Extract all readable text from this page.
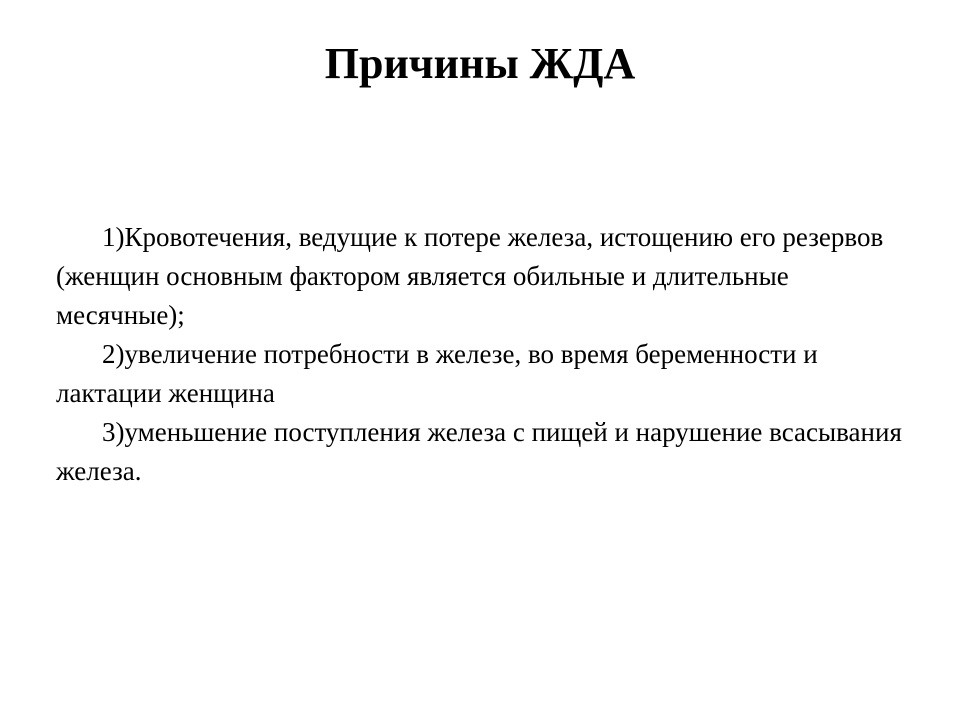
Причины ЖДА

1)Кровотечения, ведущие к потере железа, истощению его резервов (женщин основным фактором является обильные и длительные месячные);

2)увеличение потребности в железе, во время беременности и лактации женщина

3)уменьшение поступления железа с пищей и нарушение всасывания железа.
